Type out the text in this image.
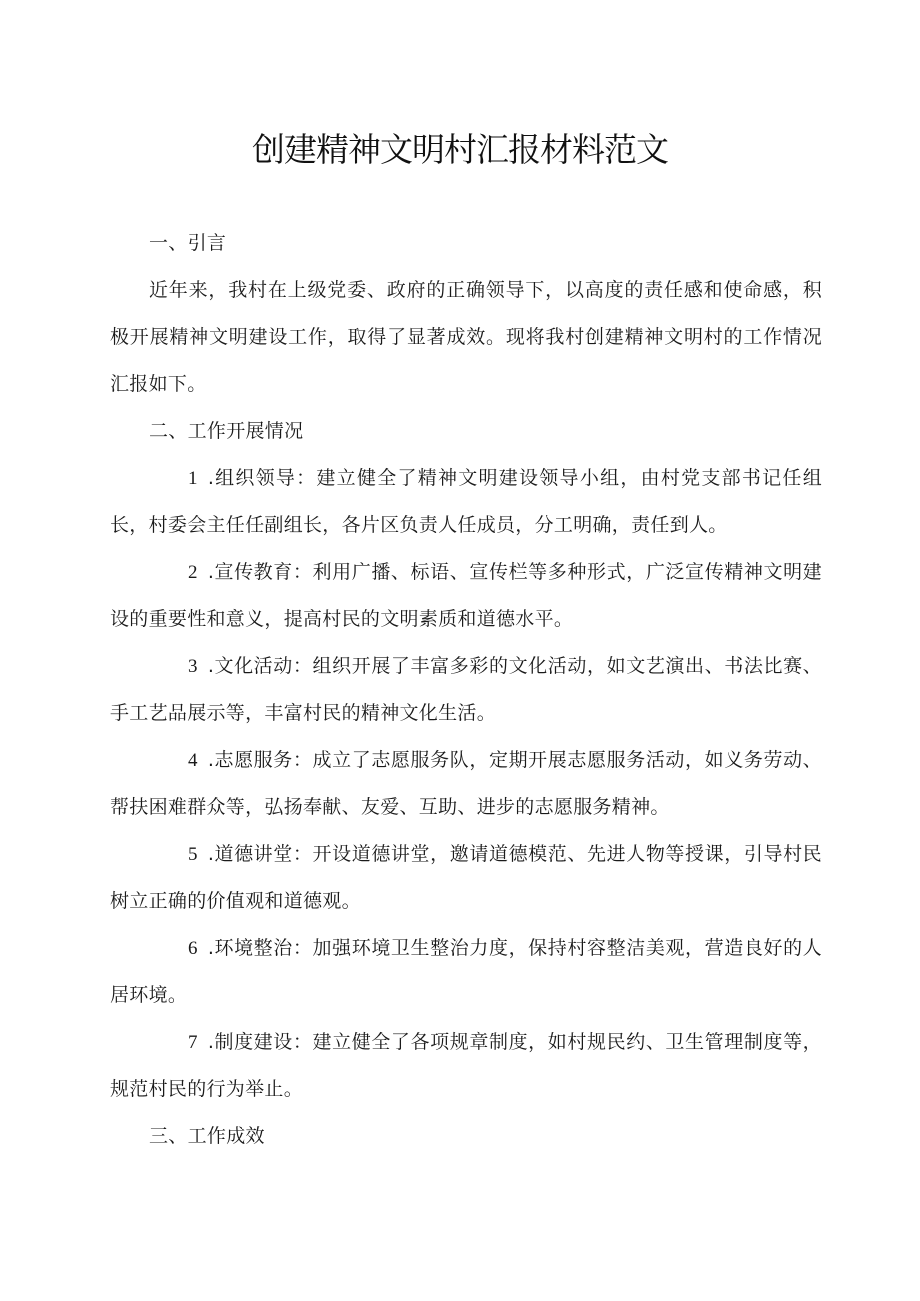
创建精神文明村汇报材料范文

一、引言

近年来，我村在上级党委、政府的正确领导下，以高度的责任感和使命感，积极开展精神文明建设工作，取得了显著成效。现将我村创建精神文明村的工作情况汇报如下。

二、工作开展情况

1 .组织领导：建立健全了精神文明建设领导小组，由村党支部书记任组长，村委会主任任副组长，各片区负责人任成员，分工明确，责任到人。

2 .宣传教育：利用广播、标语、宣传栏等多种形式，广泛宣传精神文明建设的重要性和意义，提高村民的文明素质和道德水平。

3 .文化活动：组织开展了丰富多彩的文化活动，如文艺演出、书法比赛、手工艺品展示等，丰富村民的精神文化生活。

4 .志愿服务：成立了志愿服务队，定期开展志愿服务活动，如义务劳动、帮扶困难群众等，弘扬奉献、友爱、互助、进步的志愿服务精神。

5 .道德讲堂：开设道德讲堂，邀请道德模范、先进人物等授课，引导村民树立正确的价值观和道德观。

6 .环境整治：加强环境卫生整治力度，保持村容整洁美观，营造良好的人居环境。

7 .制度建设：建立健全了各项规章制度，如村规民约、卫生管理制度等，规范村民的行为举止。

三、工作成效
